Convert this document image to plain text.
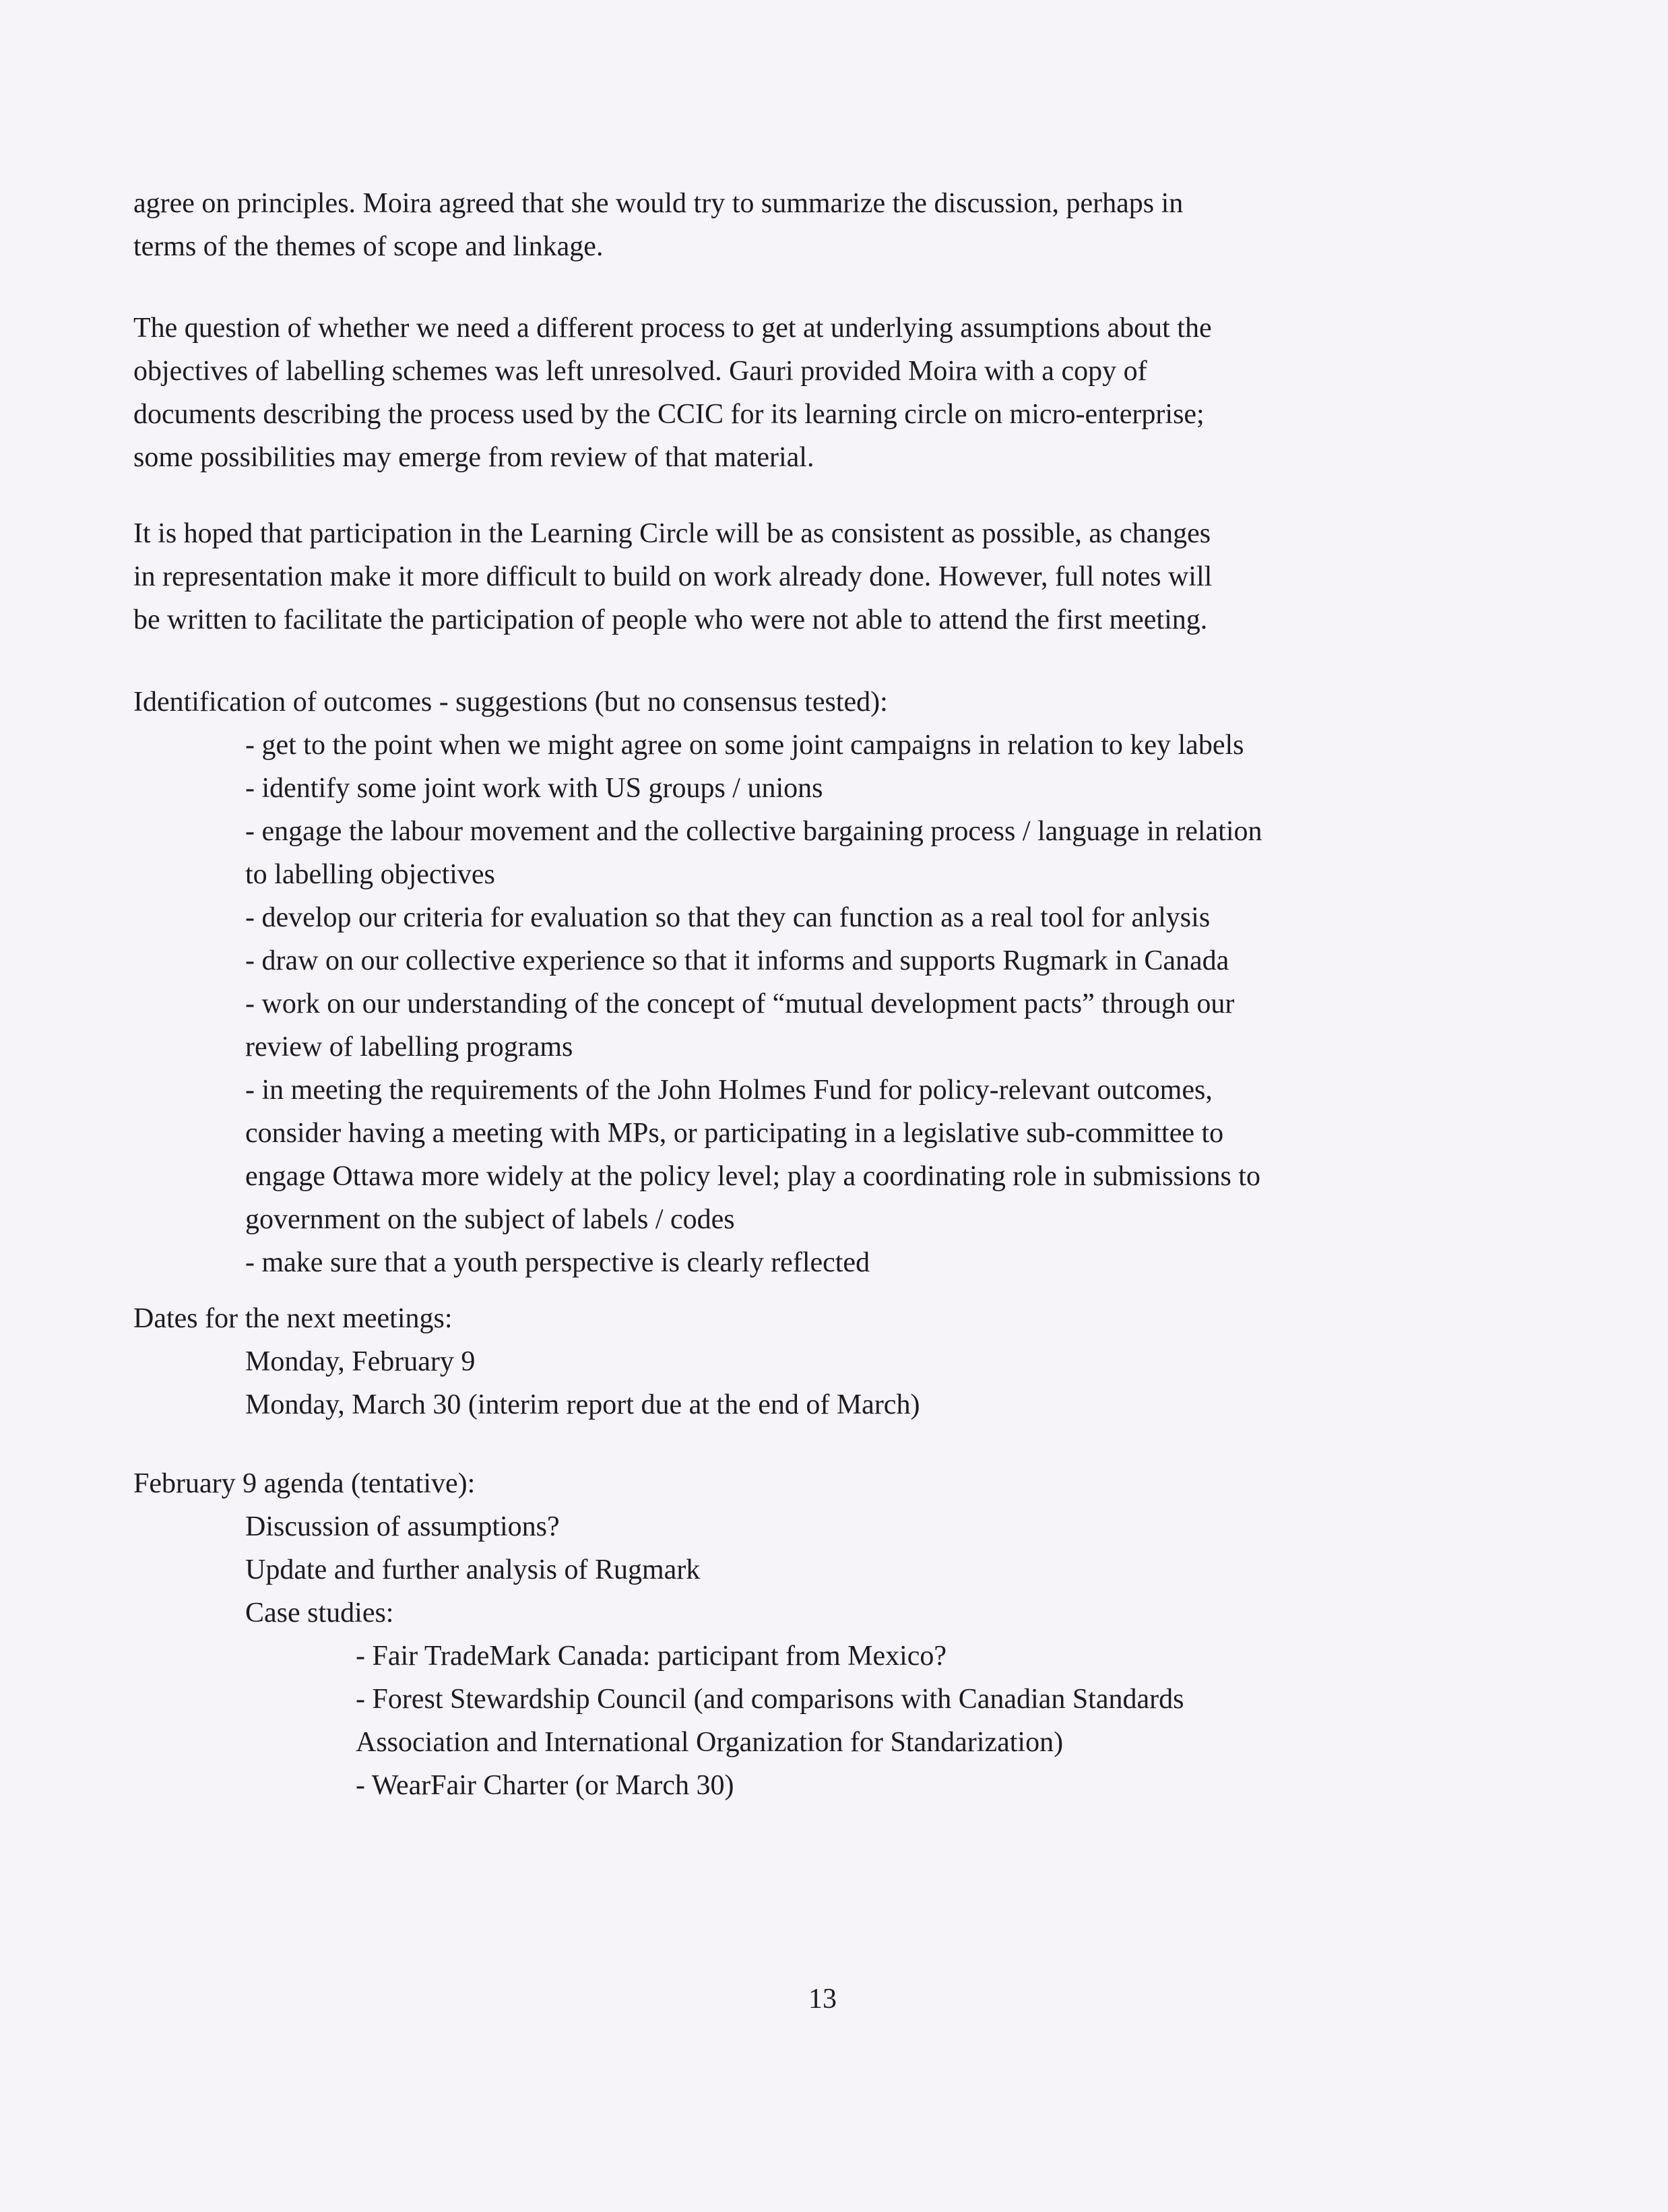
agree on principles. Moira agreed that she would try to summarize the discussion, perhaps in

terms of the themes of scope and linkage.

The question of whether we need a different process to get at underlying assumptions about the

objectives of labelling schemes was left unresolved. Gauri provided Moira with a copy of

documents describing the process used by the CCIC for its learning circle on micro-enterprise;

some possibilities may emerge from review of that material.

It is hoped that participation in the Learning Circle will be as consistent as possible, as changes

in representation make it more difficult to build on work already done. However, full notes will

be written to facilitate the participation of people who were not able to attend the first meeting.

Identification of outcomes - suggestions (but no consensus tested):

- get to the point when we might agree on some joint campaigns in relation to key labels

- identify some joint work with US groups / unions

- engage the labour movement and the collective bargaining process / language in relation

to labelling objectives

- develop our criteria for evaluation so that they can function as a real tool for anlysis

- draw on our collective experience so that it informs and supports Rugmark in Canada

- work on our understanding of the concept of “mutual development pacts” through our

review of labelling programs

- in meeting the requirements of the John Holmes Fund for policy-relevant outcomes,

consider having a meeting with MPs, or participating in a legislative sub-committee to

engage Ottawa more widely at the policy level; play a coordinating role in submissions to

government on the subject of labels / codes

- make sure that a youth perspective is clearly reflected

Dates for the next meetings:

Monday, February 9

Monday, March 30 (interim report due at the end of March)

February 9 agenda (tentative):

Discussion of assumptions?

Update and further analysis of Rugmark

Case studies:

- Fair TradeMark Canada: participant from Mexico?

- Forest Stewardship Council (and comparisons with Canadian Standards

Association and International Organization for Standarization)

- WearFair Charter (or March 30)

13
